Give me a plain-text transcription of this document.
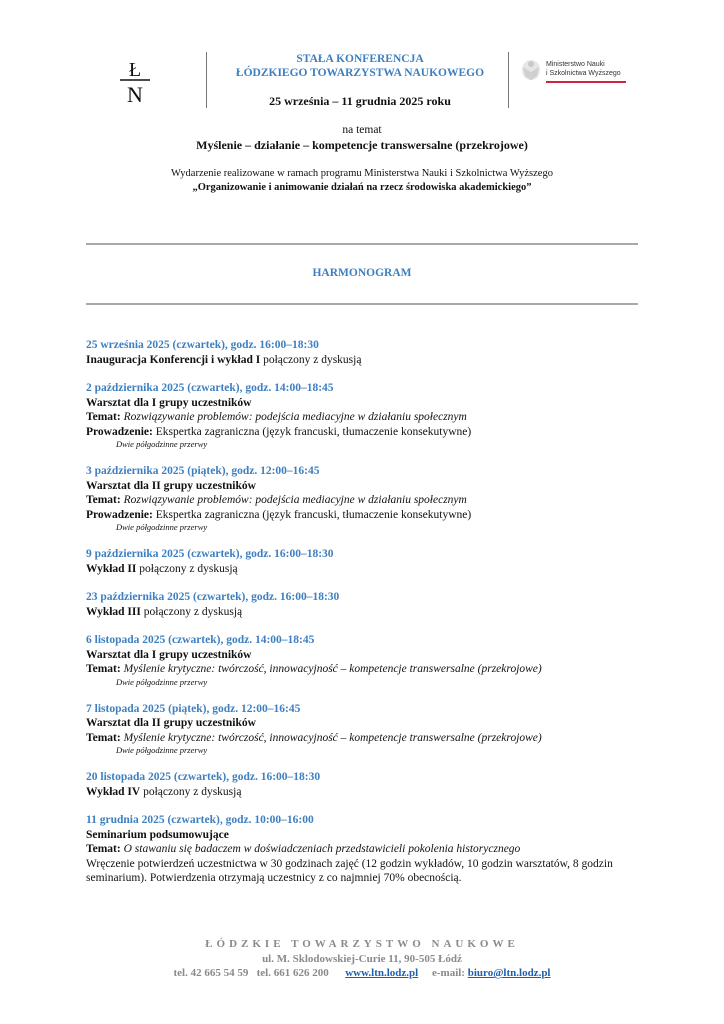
Ł
N
STAŁA KONFERENCJA
ŁÓDZKIEGO TOWARZYSTWA NAUKOWEGO
25 września – 11 grudnia 2025 roku
Ministerstwo Nauki
i Szkolnictwa Wyższego
na temat
Myślenie – działanie – kompetencje transwersalne (przekrojowe)
Wydarzenie realizowane w ramach programu Ministerstwa Nauki i Szkolnictwa Wyższego
„Organizowanie i animowanie działań na rzecz środowiska akademickiego”
HARMONOGRAM
25 września 2025 (czwartek), godz. 16:00–18:30
Inauguracja Konferencji i wykład I połączony z dyskusją
2 października 2025 (czwartek), godz. 14:00–18:45
Warsztat dla I grupy uczestników
Temat: Rozwiązywanie problemów: podejścia mediacyjne w działaniu społecznym
Prowadzenie: Ekspertka zagraniczna (język francuski, tłumaczenie konsekutywne)
Dwie półgodzinne przerwy
3 października 2025 (piątek), godz. 12:00–16:45
Warsztat dla II grupy uczestników
Temat: Rozwiązywanie problemów: podejścia mediacyjne w działaniu społecznym
Prowadzenie: Ekspertka zagraniczna (język francuski, tłumaczenie konsekutywne)
Dwie półgodzinne przerwy
9 października 2025 (czwartek), godz. 16:00–18:30
Wykład II połączony z dyskusją
23 października 2025 (czwartek), godz. 16:00–18:30
Wykład III połączony z dyskusją
6 listopada 2025 (czwartek), godz. 14:00–18:45
Warsztat dla I grupy uczestników
Temat: Myślenie krytyczne: twórczość, innowacyjność – kompetencje transwersalne (przekrojowe)
Dwie półgodzinne przerwy
7 listopada 2025 (piątek), godz. 12:00–16:45
Warsztat dla II grupy uczestników
Temat: Myślenie krytyczne: twórczość, innowacyjność – kompetencje transwersalne (przekrojowe)
Dwie półgodzinne przerwy
20 listopada 2025 (czwartek), godz. 16:00–18:30
Wykład IV połączony z dyskusją
11 grudnia 2025 (czwartek), godz. 10:00–16:00
Seminarium podsumowujące
Temat: O stawaniu się badaczem w doświadczeniach przedstawicieli pokolenia historycznego
Wręczenie potwierdzeń uczestnictwa w 30 godzinach zajęć (12 godzin wykładów, 10 godzin warsztatów, 8 godzin seminarium). Potwierdzenia otrzymają uczestnicy z co najmniej 70% obecnością.
ŁÓDZKIE TOWARZYSTWO NAUKOWE
ul. M. Sklodowskiej-Curie 11, 90-505 Łódź
tel. 42 665 54 59   tel. 661 626 200 www.ltn.lodz.pl e-mail: biuro@ltn.lodz.pl
